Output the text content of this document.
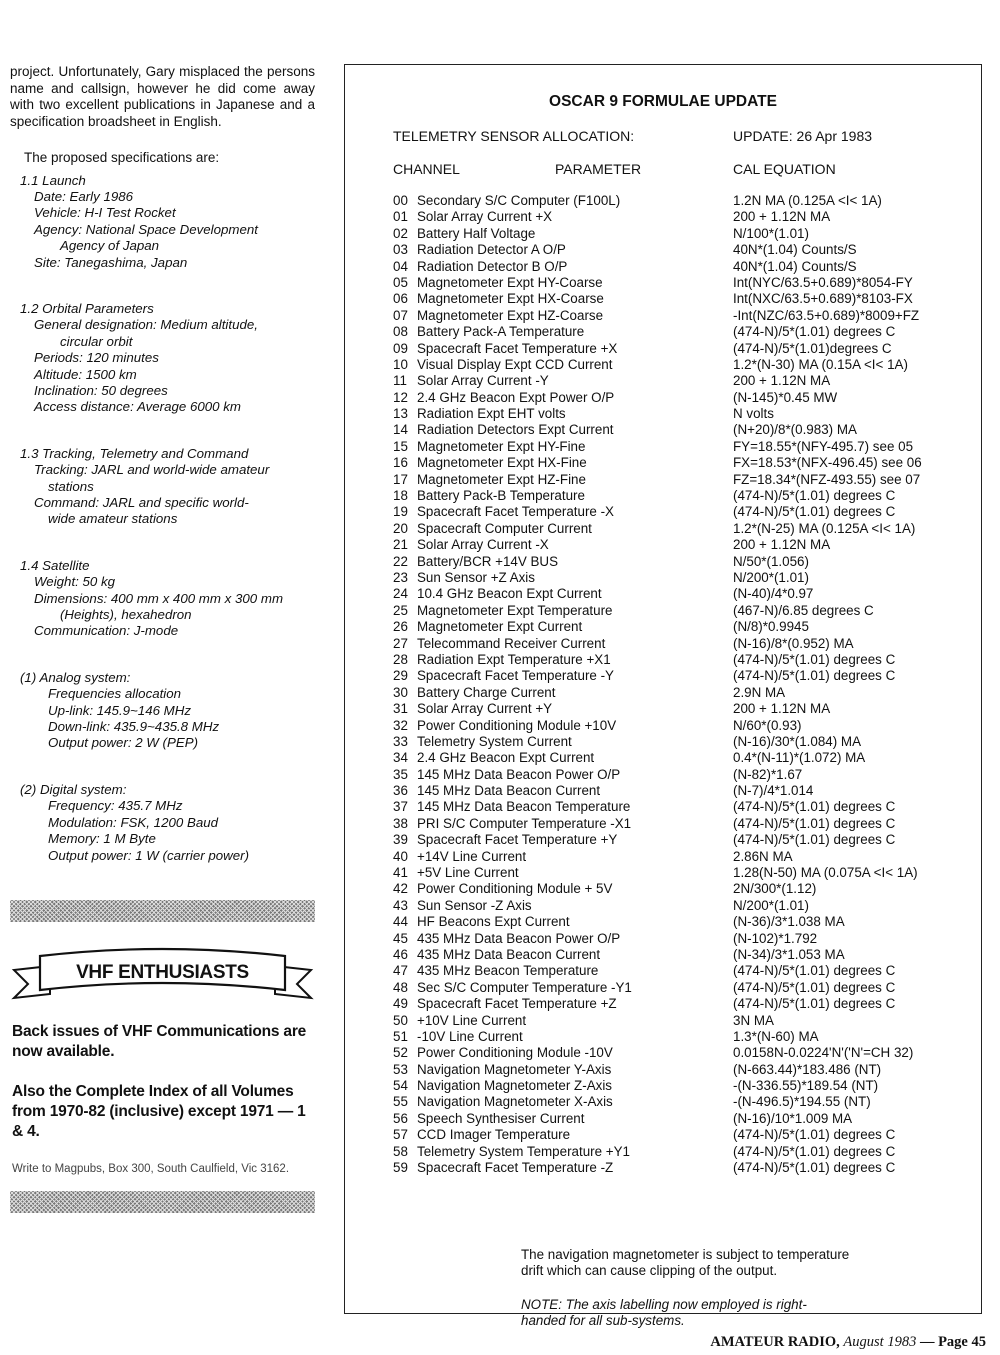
project. Unfortunately, Gary misplaced the persons name and callsign, however he did come away with two excellent publications in Japanese and a specification broadsheet in English.

The proposed specifications are:
1.1 Launch
Date: Early 1986
Vehicle: H-I Test Rocket
Agency: National Space Development
Agency of Japan
Site: Tanegashima, Japan
1.2 Orbital Parameters
General designation: Medium altitude,
circular orbit
Periods: 120 minutes
Altitude: 1500 km
Inclination: 50 degrees
Access distance: Average 6000 km
1.3 Tracking, Telemetry and Command
Tracking: JARL and world-wide amateur
stations
Command: JARL and specific world-
wide amateur stations
1.4 Satellite
Weight: 50 kg
Dimensions: 400 mm x 400 mm x 300 mm
(Heights), hexahedron
Communication: J-mode
(1) Analog system:
Frequencies allocation
Up-link: 145.9~146 MHz
Down-link: 435.9~435.8 MHz
Output power: 2 W (PEP)
(2) Digital system:
Frequency: 435.7 MHz
Modulation: FSK, 1200 Baud
Memory: 1 M Byte
Output power: 1 W (carrier power)
VHF ENTHUSIASTS
Back issues of VHF Communications are now available.
Also the Complete Index of all Volumes from 1970-82 (inclusive) except 1971 — 1 & 4.
Write to Magpubs, Box 300, South Caulfield, Vic 3162.
OSCAR 9 FORMULAE UPDATE
TELEMETRY SENSOR ALLOCATION:	UPDATE: 26 Apr 1983
CHANNEL	PARAMETER	CAL EQUATION
00 Secondary S/C Computer (F100L)	1.2N MA (0.125A <I< 1A)
01 Solar Array Current +X	200 + 1.12N MA
02 Battery Half Voltage	N/100*(1.01)
03 Radiation Detector A O/P	40N*(1.04) Counts/S
04 Radiation Detector B O/P	40N*(1.04) Counts/S
05 Magnetometer Expt HY-Coarse	Int(NYC/63.5+0.689)*8054-FY
06 Magnetometer Expt HX-Coarse	Int(NXC/63.5+0.689)*8103-FX
07 Magnetometer Expt HZ-Coarse	-Int(NZC/63.5+0.689)*8009+FZ
08 Battery Pack-A Temperature	(474-N)/5*(1.01) degrees C
09 Spacecraft Facet Temperature +X	(474-N)/5*(1.01)degrees C
10 Visual Display Expt CCD Current	1.2*(N-30) MA (0.15A <I< 1A)
11 Solar Array Current -Y	200 + 1.12N MA
12 2.4 GHz Beacon Expt Power O/P	(N-145)*0.45 MW
13 Radiation Expt EHT volts	N volts
14 Radiation Detectors Expt Current	(N+20)/8*(0.983) MA
15 Magnetometer Expt HY-Fine	FY=18.55*(NFY-495.7) see 05
16 Magnetometer Expt HX-Fine	FX=18.53*(NFX-496.45) see 06
17 Magnetometer Expt HZ-Fine	FZ=18.34*(NFZ-493.55) see 07
18 Battery Pack-B Temperature	(474-N)/5*(1.01) degrees C
19 Spacecraft Facet Temperature -X	(474-N)/5*(1.01) degrees C
20 Spacecraft Computer Current	1.2*(N-25) MA (0.125A <I< 1A)
21 Solar Array Current -X	200 + 1.12N MA
22 Battery/BCR +14V BUS	N/50*(1.056)
23 Sun Sensor +Z Axis	N/200*(1.01)
24 10.4 GHz Beacon Expt Current	(N-40)/4*0.97
25 Magnetometer Expt Temperature	(467-N)/6.85 degrees C
26 Magnetometer Expt Current	(N/8)*0.9945
27 Telecommand Receiver Current	(N-16)/8*(0.952) MA
28 Radiation Expt Temperature +X1	(474-N)/5*(1.01) degrees C
29 Spacecraft Facet Temperature -Y	(474-N)/5*(1.01) degrees C
30 Battery Charge Current	2.9N MA
31 Solar Array Current +Y	200 + 1.12N MA
32 Power Conditioning Module +10V	N/60*(0.93)
33 Telemetry System Current	(N-16)/30*(1.084) MA
34 2.4 GHz Beacon Expt Current	0.4*(N-11)*(1.072) MA
35 145 MHz Data Beacon Power O/P	(N-82)*1.67
36 145 MHz Data Beacon Current	(N-7)/4*1.014
37 145 MHz Data Beacon Temperature	(474-N)/5*(1.01) degrees C
38 PRI S/C Computer Temperature -X1	(474-N)/5*(1.01) degrees C
39 Spacecraft Facet Temperature +Y	(474-N)/5*(1.01) degrees C
40 +14V Line Current	2.86N MA
41 +5V Line Current	1.28(N-50) MA (0.075A <I< 1A)
42 Power Conditioning Module + 5V	2N/300*(1.12)
43 Sun Sensor -Z Axis	N/200*(1.01)
44 HF Beacons Expt Current	(N-36)/3*1.038 MA
45 435 MHz Data Beacon Power O/P	(N-102)*1.792
46 435 MHz Data Beacon Current	(N-34)/3*1.053 MA
47 435 MHz Beacon Temperature	(474-N)/5*(1.01) degrees C
48 Sec S/C Computer Temperature -Y1	(474-N)/5*(1.01) degrees C
49 Spacecraft Facet Temperature +Z	(474-N)/5*(1.01) degrees C
50 +10V Line Current	3N MA
51 -10V Line Current	1.3*(N-60) MA
52 Power Conditioning Module -10V	0.0158N-0.0224'N'('N'=CH 32)
53 Navigation Magnetometer Y-Axis	(N-663.44)*183.486 (NT)
54 Navigation Magnetometer Z-Axis	-(N-336.55)*189.54 (NT)
55 Navigation Magnetometer X-Axis	-(N-496.5)*194.55 (NT)
56 Speech Synthesiser Current	(N-16)/10*1.009 MA
57 CCD Imager Temperature	(474-N)/5*(1.01) degrees C
58 Telemetry System Temperature +Y1	(474-N)/5*(1.01) degrees C
59 Spacecraft Facet Temperature -Z	(474-N)/5*(1.01) degrees C
The navigation magnetometer is subject to temperature drift which can cause clipping of the output.
NOTE: The axis labelling now employed is right-handed for all sub-systems.
AMATEUR RADIO, August 1983 — Page 45
